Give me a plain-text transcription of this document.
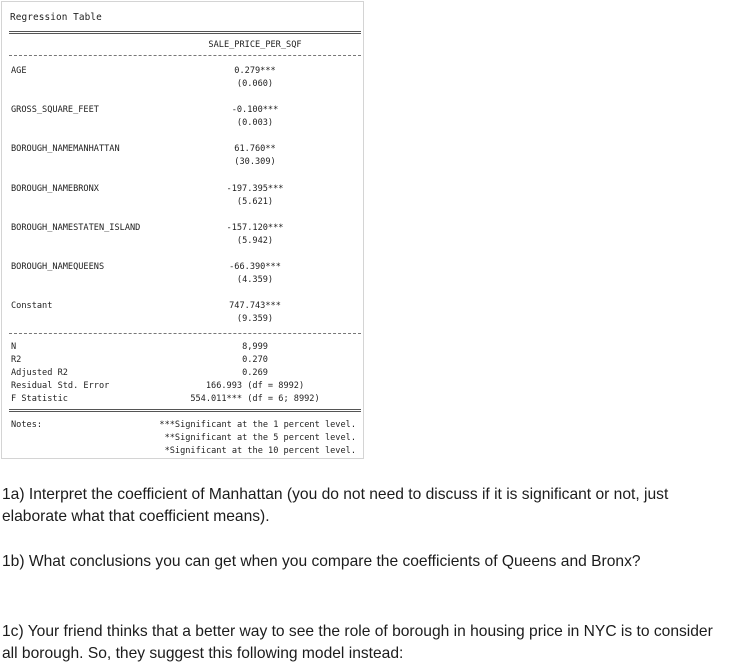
Regression Table
SALE_PRICE_PER_SQF
AGE	0.279***
(0.060)
GROSS_SQUARE_FEET	-0.100***
(0.003)
BOROUGH_NAMEMANHATTAN	61.760**
(30.309)
BOROUGH_NAMEBRONX	-197.395***
(5.621)
BOROUGH_NAMESTATEN_ISLAND	-157.120***
(5.942)
BOROUGH_NAMEQUEENS	-66.390***
(4.359)
Constant	747.743***
(9.359)
N	8,999
R2	0.270
Adjusted R2	0.269
Residual Std. Error	166.993 (df = 8992)
F Statistic	554.011*** (df = 6; 8992)
Notes:	***Significant at the 1 percent level.
**Significant at the 5 percent level.
*Significant at the 10 percent level.
1a) Interpret the coefficient of Manhattan (you do not need to discuss if it is significant or not, just elaborate what that coefficient means).
1b) What conclusions you can get when you compare the coefficients of Queens and Bronx?
1c) Your friend thinks that a better way to see the role of borough in housing price in NYC is to consider all borough. So, they suggest this following model instead:
